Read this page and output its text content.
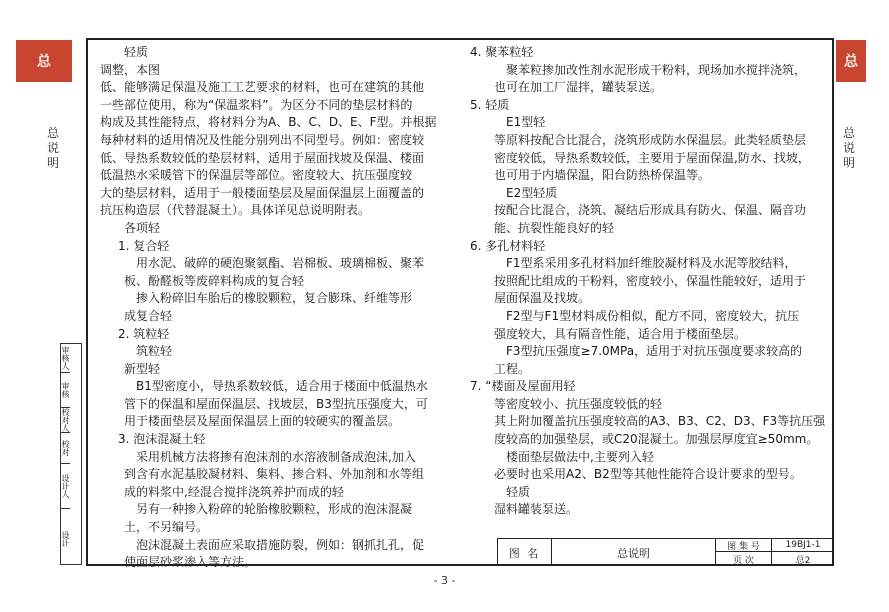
总	总
总
说
明
总
说
明
轻质
调整，本图
低、能够满足保温及施工工艺要求的材料，也可在建筑的其他
一些部位使用，称为“保温浆料”。为区分不同的垫层材料的
构成及其性能特点，将材料分为A、B、C、D、E、F型。并根据
每种材料的适用情况及性能分别列出不同型号。例如：密度较
低、导热系数较低的垫层材料，适用于屋面找坡及保温、楼面
低温热水采暖管下的保温层等部位。密度较大、抗压强度较
大的垫层材料，适用于一般楼面垫层及屋面保温层上面覆盖的
抗压构造层（代替混凝土）。具体详见总说明附表。
各项轻
1. 复合轻
用水泥、破碎的硬泡聚氨酯、岩棉板、玻璃棉板、聚苯
板、酚醛板等废碎料构成的复合轻
掺入粉碎旧车胎后的橡胶颗粒，复合膨珠、纤维等形
成复合轻
2. 筑粒轻
筑粒轻
新型轻
B1型密度小，导热系数较低，适合用于楼面中低温热水
管下的保温和屋面保温层、找坡层，B3型抗压强度大，可
用于楼面垫层及屋面保温层上面的较硬实的覆盖层。
3. 泡沫混凝土轻
采用机械方法将掺有泡沫剂的水溶液制备成泡沫,加入
到含有水泥基胶凝材料、集料、掺合料、外加剂和水等组
成的料浆中,经混合搅拌浇筑养护而成的轻
另有一种掺入粉碎的轮胎橡胶颗粒，形成的泡沫混凝
土，不另编号。
泡沫混凝土表面应采取措施防裂，例如：钢抓扎孔，促
使面层砂浆渗入等方法。
4. 聚苯粒轻
聚苯粒掺加改性剂水泥形成干粉料，现场加水搅拌浇筑，
也可在加工厂湿拌，罐装泵送。
5. 轻质
E1型轻
等原料按配合比混合，浇筑形成防水保温层。此类轻质垫层
密度较低，导热系数较低，主要用于屋面保温,防水、找坡，
也可用于内墙保温，阳台防热桥保温等。
E2型轻质
按配合比混合，浇筑、凝结后形成具有防火、保温、隔音功
能、抗裂性能良好的轻
6. 多孔材料轻
F1型系采用多孔材料加纤维胶凝材料及水泥等胶结料，
按照配比组成的干粉料，密度较小，保温性能较好，适用于
屋面保温及找坡。
F2型与F1型材料成份相似，配方不同，密度较大，抗压
强度较大，具有隔音性能，适合用于楼面垫层。
F3型抗压强度≥7.0MPa，适用于对抗压强度要求较高的
工程。
7. “楼面及屋面用轻
等密度较小、抗压强度较低的轻
其上附加覆盖抗压强度较高的A3、B3、C2、D3、F3等抗压强
度较高的加强垫层，或C20混凝土。加强层厚度宜≥50mm。
楼面垫层做法中,主要列入轻
必要时也采用A2、B2型等其他性能符合设计要求的型号。
轻质
湿料罐装泵送。
审核人
审核
校对人
校对
设计人
设计
图 名	总说明	图 集 号	19BJ1-1
页 次	总2
- 3 -
